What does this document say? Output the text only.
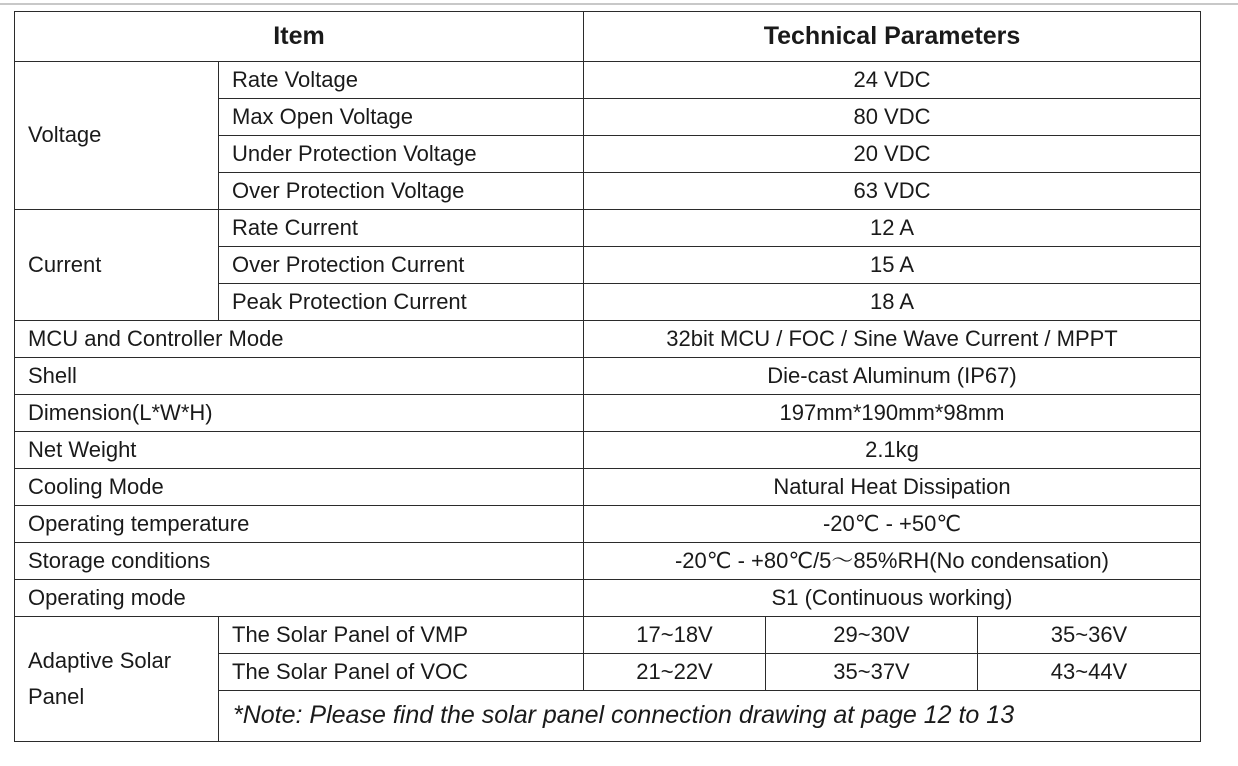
Item		Technical Parameters		
Voltage	Rate Voltage	24 VDC		
	Max Open Voltage	80 VDC		
	Under Protection Voltage	20 VDC		
	Over Protection Voltage	63 VDC		
Current	Rate Current	12 A		
	Over Protection Current	15 A		
	Peak Protection Current	18 A		
MCU and Controller Mode		32bit MCU / FOC / Sine Wave Current / MPPT		
Shell		Die-cast Aluminum (IP67)		
Dimension(L*W*H)		197mm*190mm*98mm		
Net Weight		2.1kg		
Cooling Mode		Natural Heat Dissipation		
Operating temperature		-20℃ - +50℃		
Storage conditions		-20℃ - +80℃/5～85%RH(No condensation)		
Operating mode		S1 (Continuous working)		
Adaptive Solar Panel	The Solar Panel of VMP	17~18V	29~30V	35~36V
	The Solar Panel of VOC	21~22V	35~37V	43~44V
	*Note: Please find the solar panel connection drawing at page 12 to 13			
